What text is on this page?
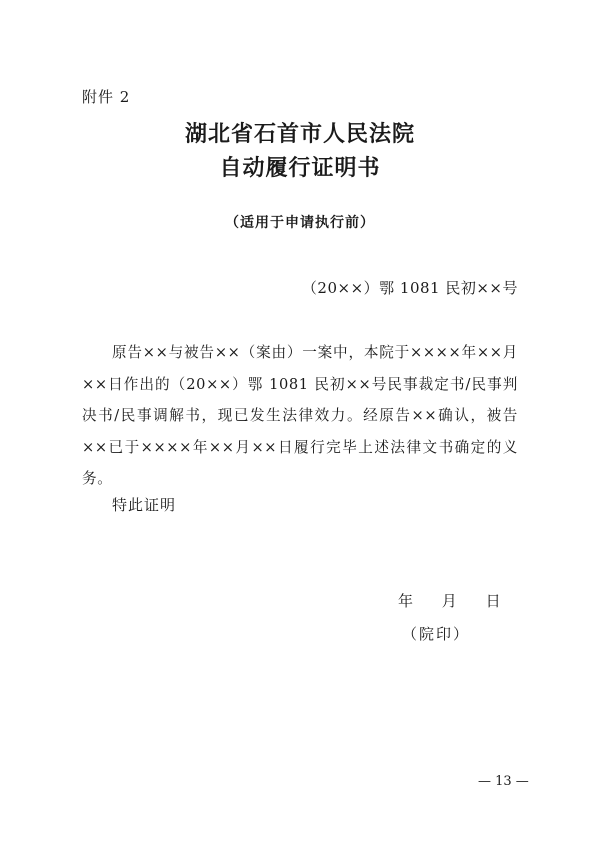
附件 2
湖北省石首市人民法院
自动履行证明书
（适用于申请执行前）
（20××）鄂 1081 民初××号
原告××与被告××（案由）一案中，本院于××××年××月××日作出的（20××）鄂 1081 民初××号民事裁定书/民事判决书/民事调解书，现已发生法律效力。经原告××确认，被告××已于××××年××月××日履行完毕上述法律文书确定的义务。
特此证明
年 月 日
（院印）
— 13 —
